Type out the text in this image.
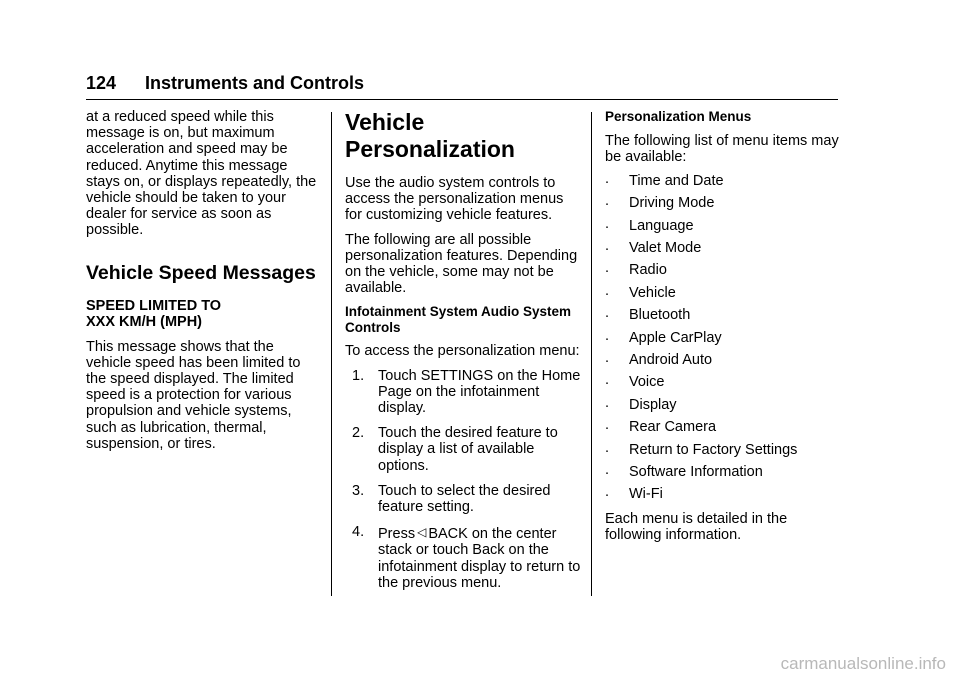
124 Instruments and Controls

at a reduced speed while this message is on, but maximum acceleration and speed may be reduced. Anytime this message stays on, or displays repeatedly, the vehicle should be taken to your dealer for service as soon as possible.

Vehicle Speed Messages
SPEED LIMITED TO
XXX KM/H (MPH)

This message shows that the vehicle speed has been limited to the speed displayed. The limited speed is a protection for various propulsion and vehicle systems, such as lubrication, thermal, suspension, or tires.

Vehicle
Personalization

Use the audio system controls to access the personalization menus for customizing vehicle features.

The following are all possible personalization features. Depending on the vehicle, some may not be available.

Infotainment System Audio System Controls

To access the personalization menu:

1. Touch SETTINGS on the Home Page on the infotainment display.
2. Touch the desired feature to display a list of available options.
3. Touch to select the desired feature setting.
4. Press ◁ BACK on the center stack or touch Back on the infotainment display to return to the previous menu.
Personalization Menus

The following list of menu items may be available:

. Time and Date
. Driving Mode
. Language
. Valet Mode
. Radio
. Vehicle
. Bluetooth
. Apple CarPlay
. Android Auto
. Voice
. Display
. Rear Camera
. Return to Factory Settings
. Software Information
. Wi-Fi

Each menu is detailed in the following information.

carmanualsonline.info
